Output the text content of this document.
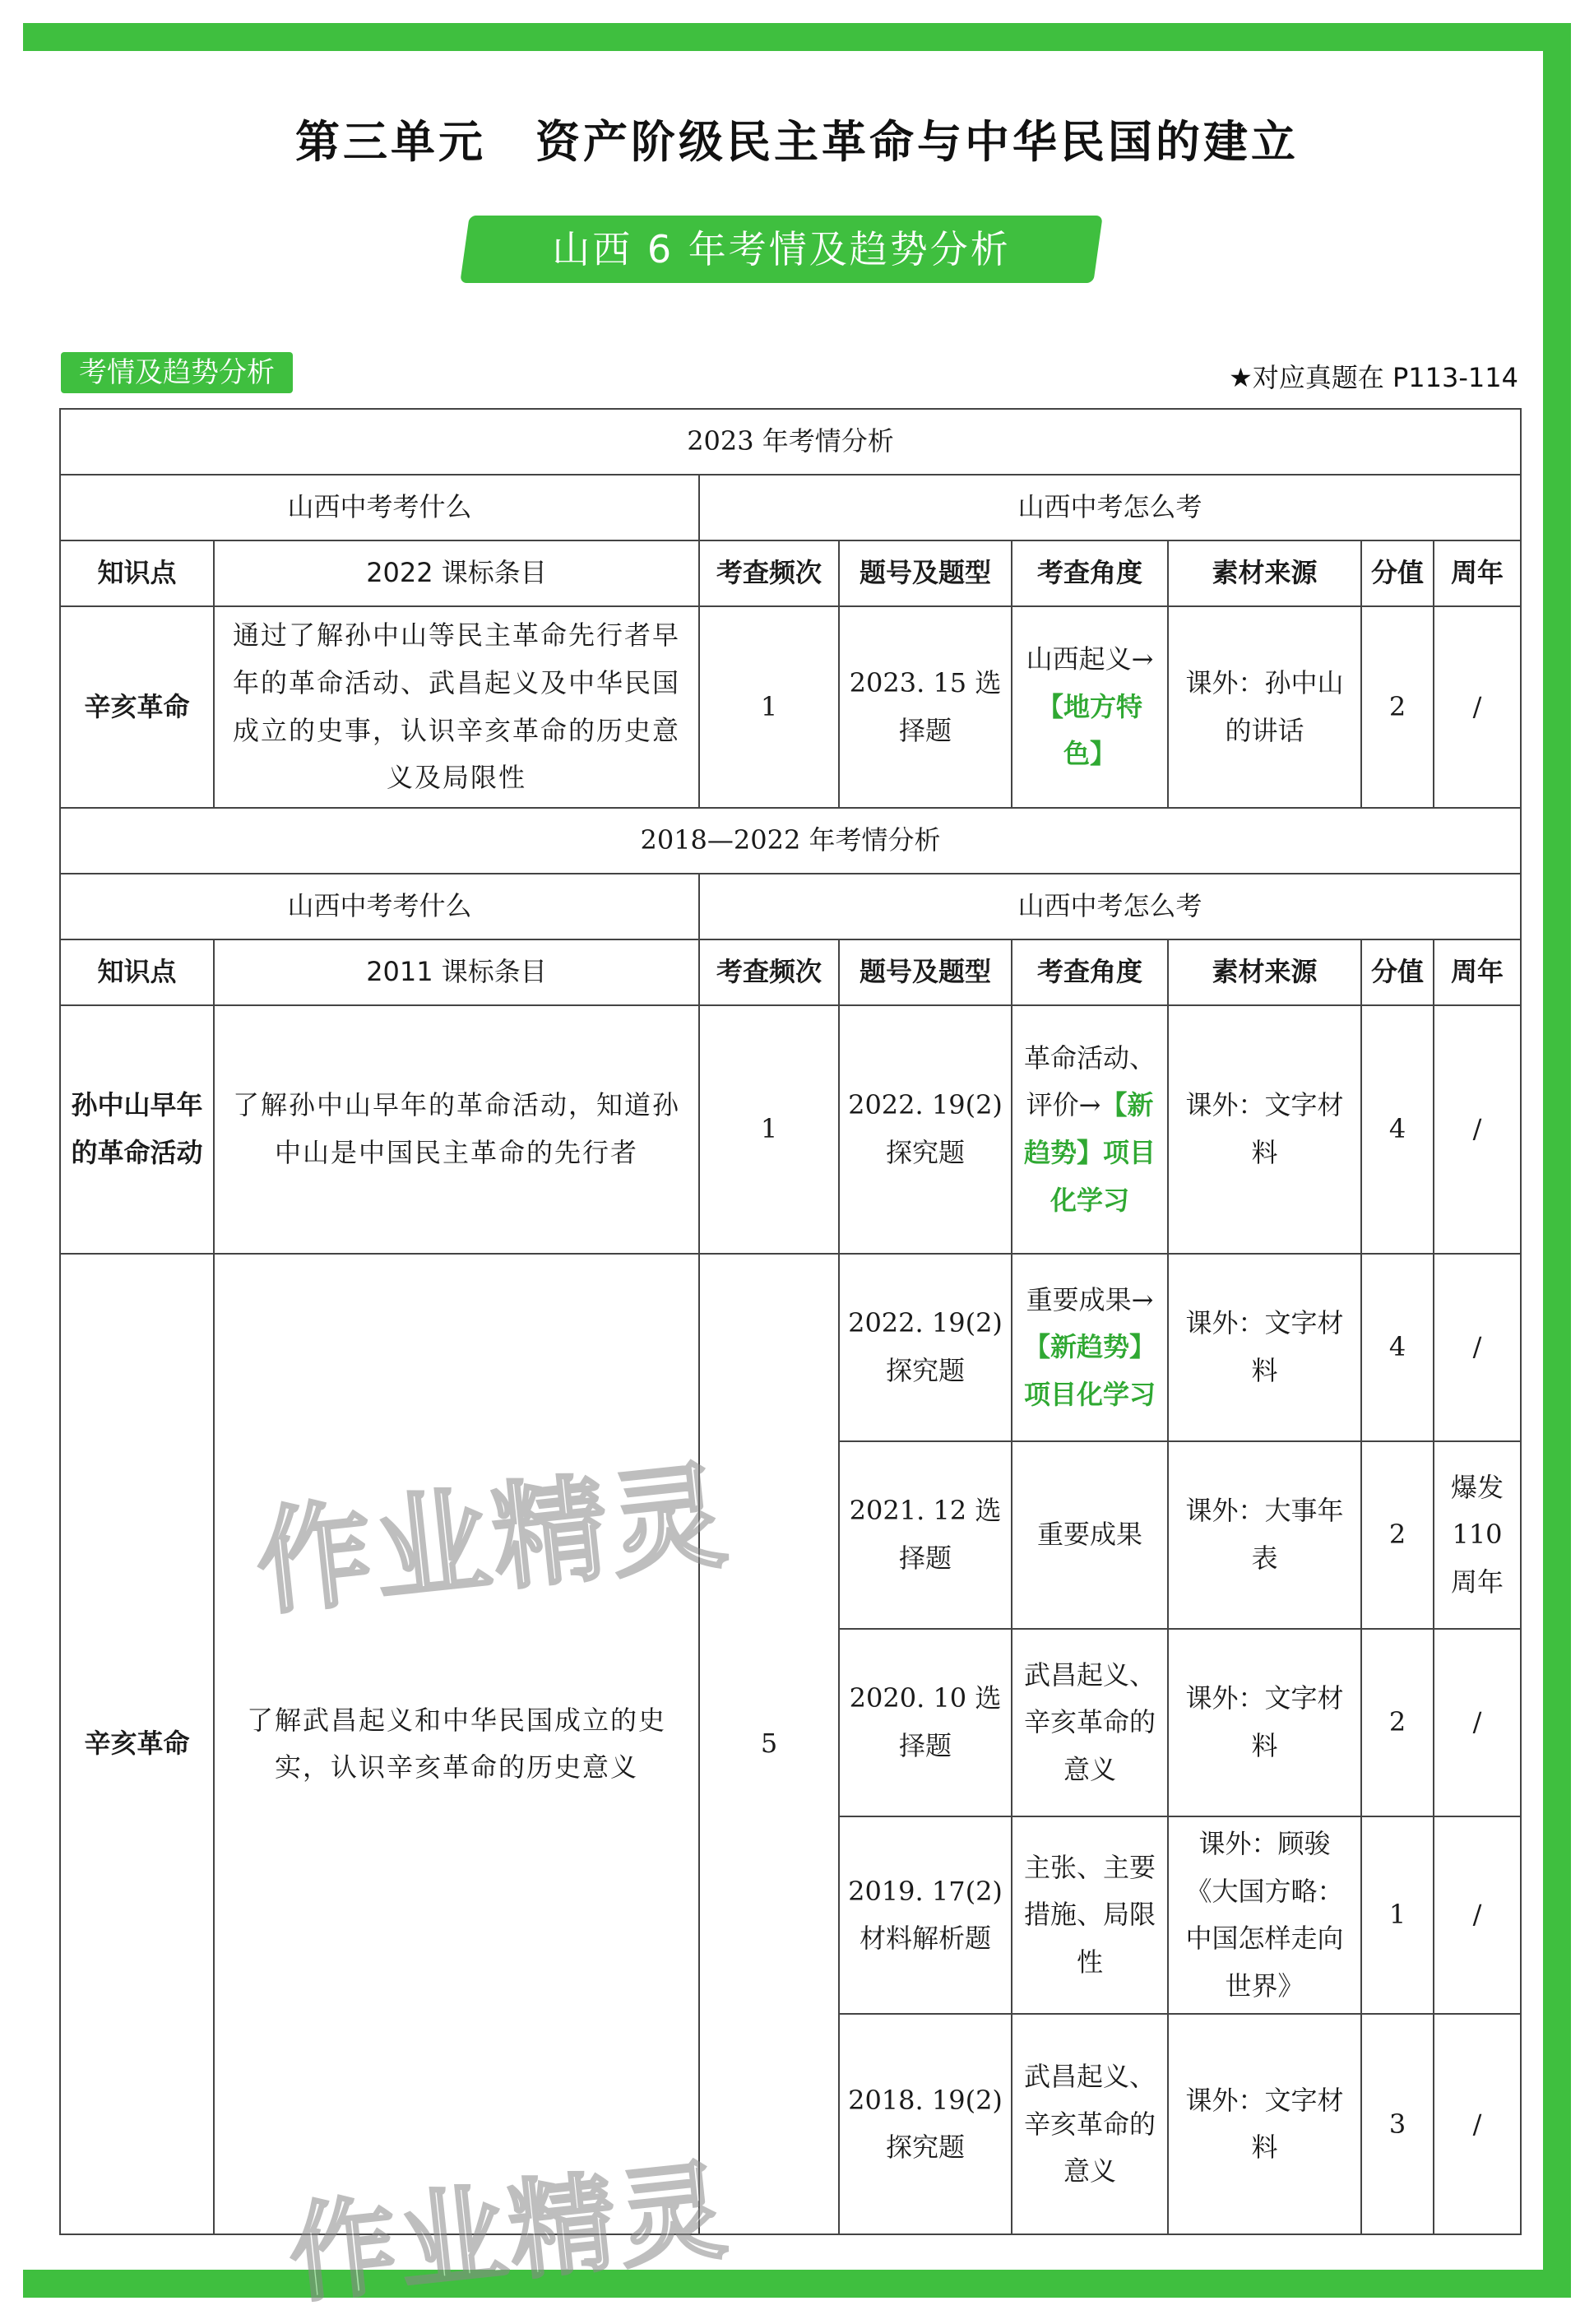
第三单元 资产阶级民主革命与中华民国的建立
山西 6 年考情及趋势分析
考情及趋势分析	★对应真题在 P113-114
2023 年考情分析							
山西中考考什么		山西中考怎么考					
知识点	2022 课标条目	考查频次	题号及题型	考查角度	素材来源	分值	周年
辛亥革命	通过了解孙中山等民主革命先行者早年的革命活动、武昌起义及中华民国成立的史事，认识辛亥革命的历史意义及局限性	1	2023. 15 选择题	山西起义→【地方特色】	课外：孙中山的讲话	2	/
2018—2022 年考情分析							
山西中考考什么		山西中考怎么考					
知识点	2011 课标条目	考查频次	题号及题型	考查角度	素材来源	分值	周年
孙中山早年的革命活动	了解孙中山早年的革命活动，知道孙中山是中国民主革命的先行者	1	2022. 19(2) 探究题	革命活动、评价→【新趋势】项目化学习	课外：文字材料	4	/
辛亥革命	了解武昌起义和中华民国成立的史实，认识辛亥革命的历史意义	5	2022. 19(2) 探究题	重要成果→【新趋势】项目化学习	课外：文字材料	4	/
			2021. 12 选择题	重要成果	课外：大事年表	2	爆发 110 周年
			2020. 10 选择题	武昌起义、辛亥革命的意义	课外：文字材料	2	/
			2019. 17(2) 材料解析题	主张、主要措施、局限性	课外：顾骏《大国方略：中国怎样走向世界》	1	/
			2018. 19(2) 探究题	武昌起义、辛亥革命的意义	课外：文字材料	3	/
作业精灵
作业精灵
